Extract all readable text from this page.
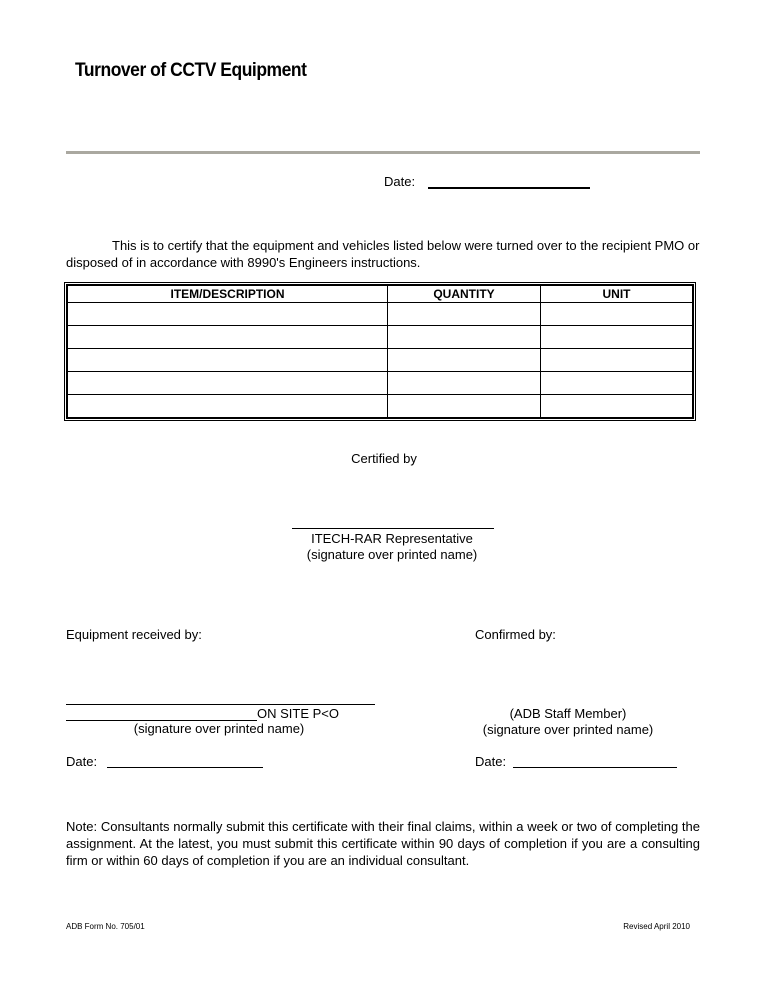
Turnover of CCTV Equipment
Date:
This is to certify that the equipment and vehicles listed below were turned over to the recipient PMO or disposed of in accordance with 8990's Engineers instructions.
ITEM/DESCRIPTION	QUANTITY	UNIT

Certified by
ITECH-RAR Representative
(signature over printed name)
Equipment received by:	Confirmed by:
ON SITE P<O
(signature over printed name)
(ADB Staff Member)
(signature over printed name)
Date:	Date:
Note: Consultants normally submit this certificate with their final claims, within a week or two of completing the assignment. At the latest, you must submit this certificate within 90 days of completion if you are a consulting firm or within 60 days of completion if you are an individual consultant.
ADB Form No. 705/01	Revised April 2010
